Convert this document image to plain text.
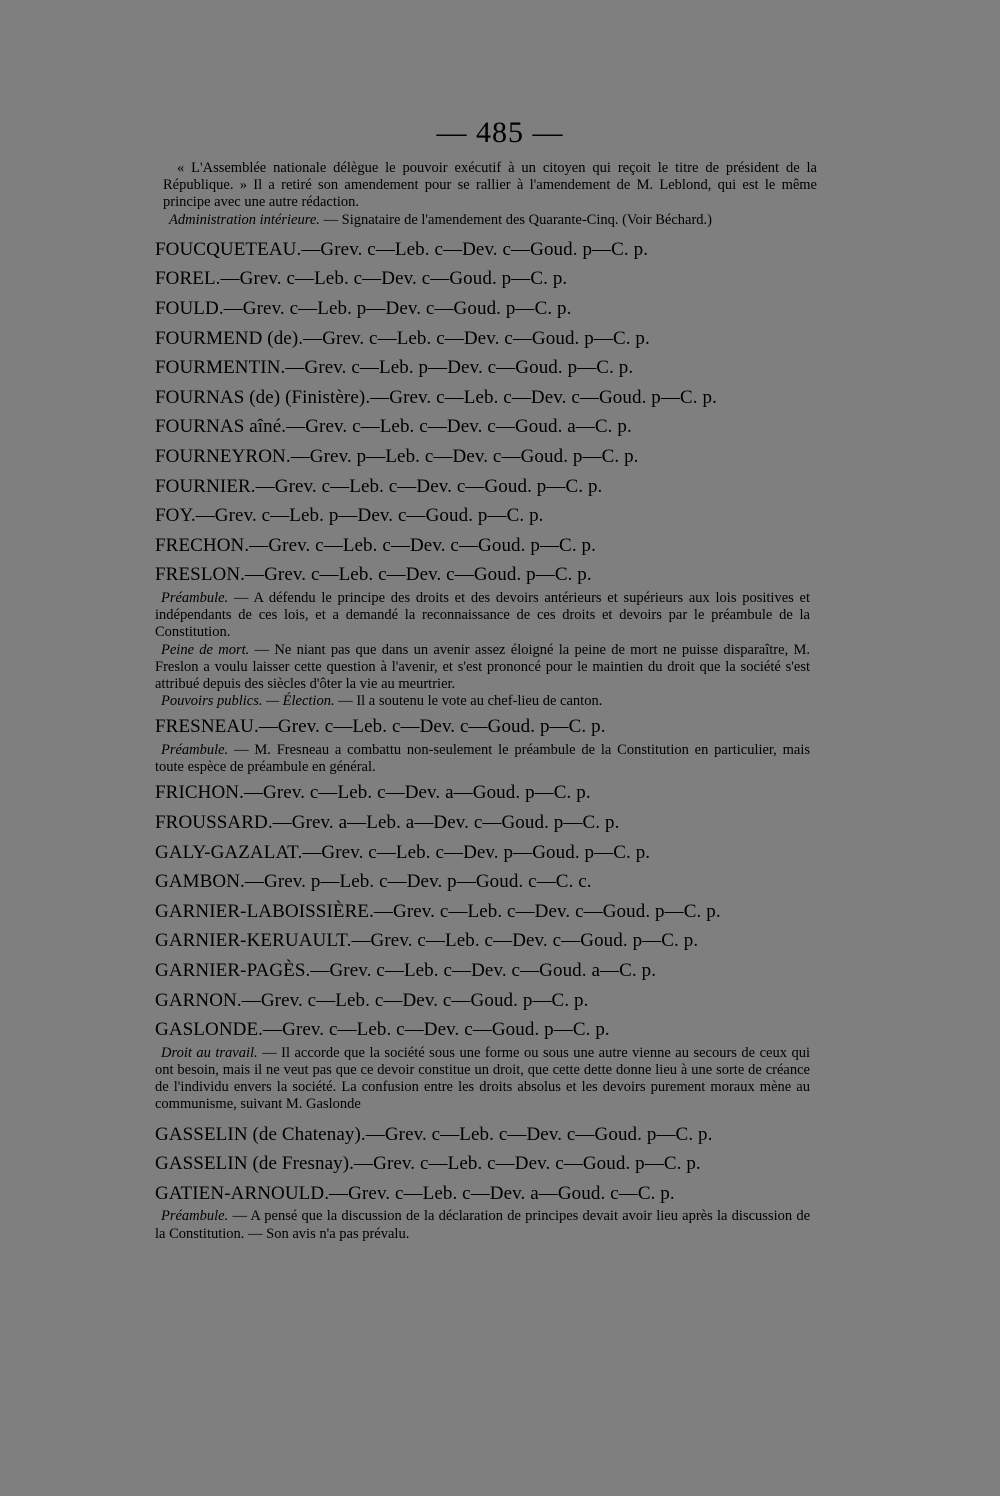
— 485 —
« L'Assemblée nationale délègue le pouvoir exécutif à un citoyen qui reçoit le titre de président de la République. » Il a retiré son amendement pour se rallier à l'amendement de M. Leblond, qui est le même principe avec une autre rédaction.
Administration intérieure. — Signataire de l'amendement des Quarante-Cinq. (Voir Béchard.)
FOUCQUETEAU.—Grev. c—Leb. c—Dev. c—Goud. p—C. p.
FOREL.—Grev. c—Leb. c—Dev. c—Goud. p—C. p.
FOULD.—Grev. c—Leb. p—Dev. c—Goud. p—C. p.
FOURMEND (de).—Grev. c—Leb. c—Dev. c—Goud. p—C. p.
FOURMENTIN.—Grev. c—Leb. p—Dev. c—Goud. p—C. p.
FOURNAS (de) (Finistère).—Grev. c—Leb. c—Dev. c—Goud. p—C. p.
FOURNAS aîné.—Grev. c—Leb. c—Dev. c—Goud. a—C. p.
FOURNEYRON.—Grev. p—Leb. c—Dev. c—Goud. p—C. p.
FOURNIER.—Grev. c—Leb. c—Dev. c—Goud. p—C. p.
FOY.—Grev. c—Leb. p—Dev. c—Goud. p—C. p.
FRECHON.—Grev. c—Leb. c—Dev. c—Goud. p—C. p.
FRESLON.—Grev. c—Leb. c—Dev. c—Goud. p—C. p.
Préambule. — A défendu le principe des droits et des devoirs antérieurs et supérieurs aux lois positives et indépendants de ces lois, et a demandé la reconnaissance de ces droits et devoirs par le préambule de la Constitution.
Peine de mort. — Ne niant pas que dans un avenir assez éloigné la peine de mort ne puisse disparaître, M. Freslon a voulu laisser cette question à l'avenir, et s'est prononcé pour le maintien du droit que la société s'est attribué depuis des siècles d'ôter la vie au meurtrier.
Pouvoirs publics. — Élection. — Il a soutenu le vote au chef-lieu de canton.
FRESNEAU.—Grev. c—Leb. c—Dev. c—Goud. p—C. p.
Préambule. — M. Fresneau a combattu non-seulement le préambule de la Constitution en particulier, mais toute espèce de préambule en général.
FRICHON.—Grev. c—Leb. c—Dev. a—Goud. p—C. p.
FROUSSARD.—Grev. a—Leb. a—Dev. c—Goud. p—C. p.
GALY-GAZALAT.—Grev. c—Leb. c—Dev. p—Goud. p—C. p.
GAMBON.—Grev. p—Leb. c—Dev. p—Goud. c—C. c.
GARNIER-LABOISSIÈRE.—Grev. c—Leb. c—Dev. c—Goud. p—C. p.
GARNIER-KERUAULT.—Grev. c—Leb. c—Dev. c—Goud. p—C. p.
GARNIER-PAGÈS.—Grev. c—Leb. c—Dev. c—Goud. a—C. p.
GARNON.—Grev. c—Leb. c—Dev. c—Goud. p—C. p.
GASLONDE.—Grev. c—Leb. c—Dev. c—Goud. p—C. p.
Droit au travail. — Il accorde que la société sous une forme ou sous une autre vienne au secours de ceux qui ont besoin, mais il ne veut pas que ce devoir constitue un droit, que cette dette donne lieu à une sorte de créance de l'individu envers la société. La confusion entre les droits absolus et les devoirs purement moraux mène au communisme, suivant M. Gaslonde
GASSELIN (de Chatenay).—Grev. c—Leb. c—Dev. c—Goud. p—C. p.
GASSELIN (de Fresnay).—Grev. c—Leb. c—Dev. c—Goud. p—C. p.
GATIEN-ARNOULD.—Grev. c—Leb. c—Dev. a—Goud. c—C. p.
Préambule. — A pensé que la discussion de la déclaration de principes devait avoir lieu après la discussion de la Constitution. — Son avis n'a pas prévalu.
